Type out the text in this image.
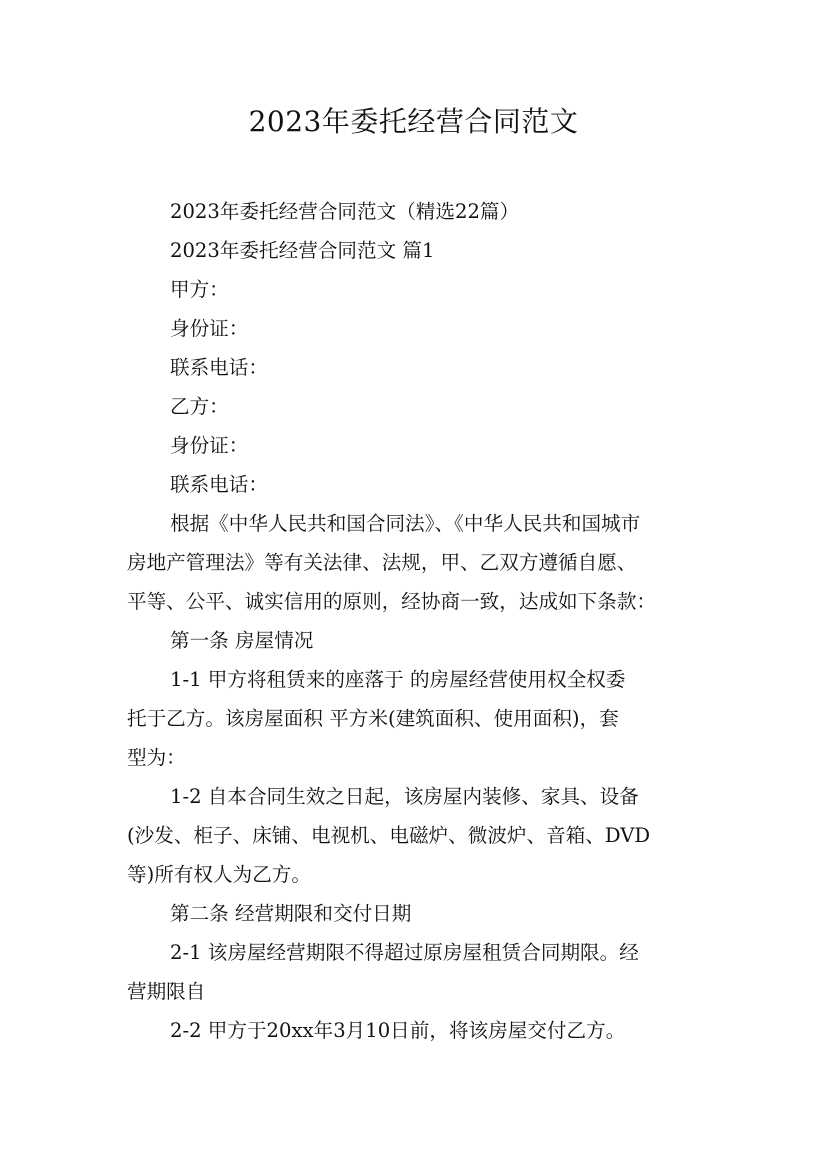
2023年委托经营合同范文

2023年委托经营合同范文（精选22篇）

2023年委托经营合同范文 篇1

甲方：

身份证：

联系电话：

乙方：

身份证：

联系电话：

根据《中华人民共和国合同法》、《中华人民共和国城市

房地产管理法》等有关法律、法规，甲、乙双方遵循自愿、

平等、公平、诚实信用的原则，经协商一致，达成如下条款：

第一条 房屋情况

1-1 甲方将租赁来的座落于 的房屋经营使用权全权委

托于乙方。该房屋面积 平方米(建筑面积、使用面积)，套

型为：

1-2 自本合同生效之日起，该房屋内装修、家具、设备

(沙发、柜子、床铺、电视机、电磁炉、微波炉、音箱、DVD

等)所有权人为乙方。

第二条 经营期限和交付日期

2-1 该房屋经营期限不得超过原房屋租赁合同期限。经

营期限自

2-2 甲方于20xx年3月10日前，将该房屋交付乙方。
